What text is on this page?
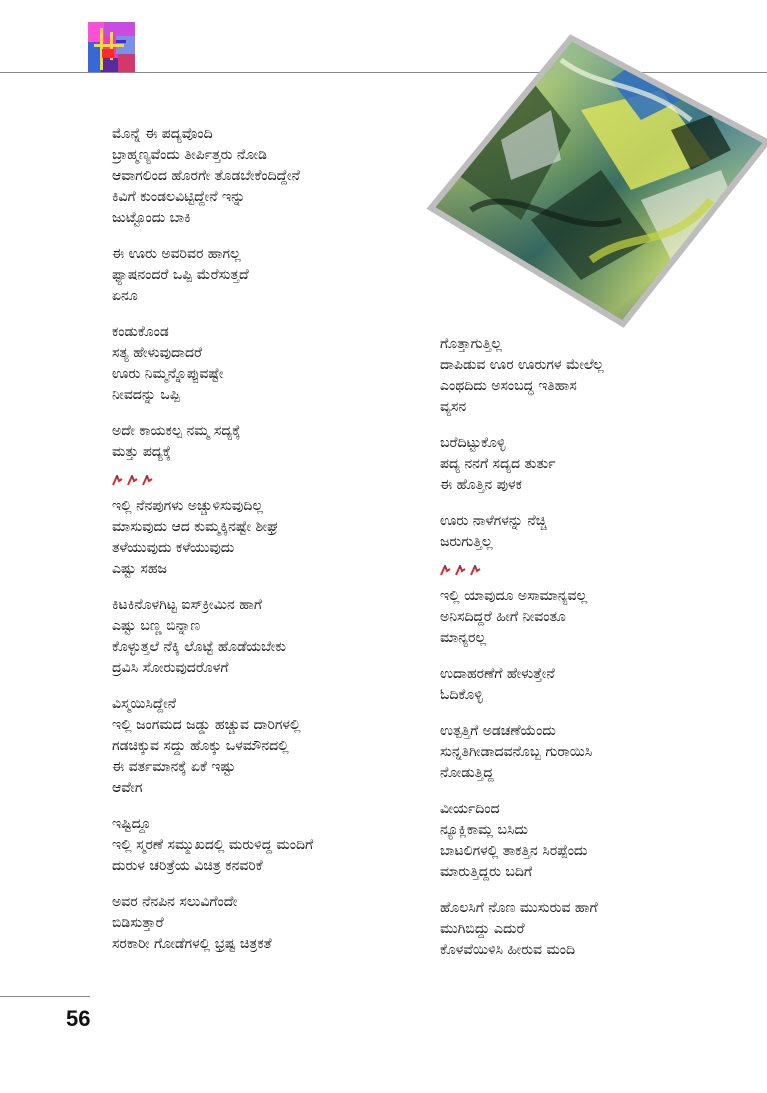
ಮೊನ್ನೆ ಈ ಪದ್ಯವೊಂದಿ
ಬ್ರಾಹ್ಮಣ್ಯವೆಂದು ತೀರ್ಪಿತ್ತರು ನೋಡಿ
ಆವಾಗಲಿಂದ ಹೊರಗೇ ತೊಡಬೇಕೆಂದಿದ್ದೇನೆ
ಕಿವಿಗೆ ಕುಂಡಲವಿಟ್ಟಿದ್ದೇನೆ ಇನ್ನು
ಜುಟ್ಟೊಂದು ಬಾಕಿ
ಈ ಊರು ಅವರಿವರ ಹಾಗಲ್ಲ
ಫ್ಯಾಷನಂದರೆ ಒಪ್ಪಿ ಮೆರೆಸುತ್ತದೆ
ಏನೂ
ಕಂಡುಕೊಂಡ
ಸತ್ಯ ಹೇಳುವುದಾದರೆ
ಊರು ನಿಮ್ಮನ್ನೊಪ್ಪುವಷ್ಟೇ
ನೀವದನ್ನು ಒಪ್ಪಿ
ಅದೇ ಕಾಯಕಲ್ಪ ನಮ್ಮ ಸದ್ಯಕ್ಕೆ
ಮತ್ತು ಪದ್ಯಕ್ಕೆ
ಇಲ್ಲಿ ನೆನಪುಗಳು ಅಚ್ಚುಳಿಸುವುದಿಲ್ಲ
ಮಾಸುವುದು ಆದ ಕುಮ್ಮಕ್ಕಿನಷ್ಟೇ ಶೀಘ್ರ
ತಳೆಯುವುದು ಕಳೆಯುವುದು
ಎಷ್ಟು ಸಹಜ
ಕಿಟಕಿನೊಳಗಿಟ್ಟ ಐಸ್‌ಕ್ರೀಮಿನ ಹಾಗೆ
ಎಷ್ಟು ಬಣ್ಣ ಬಿನ್ನಾಣ
ಕೊಳ್ಳುತ್ತಲೆ ನೆಕ್ಕಿ ಲೊಟ್ಟೆ ಹೊಡೆಯಬೇಕು
ದ್ರವಿಸಿ ಸೋರುವುದರೊಳಗೆ
ವಿಸ್ಮಯಿಸಿದ್ದೇನೆ
ಇಲ್ಲಿ ಜಂಗಮದ ಜಡ್ಡು ಹಚ್ಚುವ ದಾರಿಗಳಲ್ಲಿ
ಗಡಚಿಕ್ಕುವ ಸದ್ದು ಹೊಕ್ಕು ಒಳಮೌನದಲ್ಲಿ
ಈ ವರ್ತಮಾನಕ್ಕೆ ಏಕೆ ಇಷ್ಟು
ಆವೇಗ
ಇಷ್ಟಿದ್ದೂ
ಇಲ್ಲಿ ಸ್ಮರಣೆ ಸಮ್ಮುಖದಲ್ಲಿ ಮರುಳಿದ್ದ ಮಂದಿಗೆ
ದುರುಳ ಚರಿತ್ರೆಯ ವಿಚಿತ್ರ ಕನವರಿಕೆ
ಅವರ ನೆನಪಿನ ಸಲುವಿಗೆಂದೇ
ಬಿಡಿಸುತ್ತಾರೆ
ಸರಕಾರೀ ಗೋಡೆಗಳಲ್ಲಿ ಭ್ರಷ್ಟ ಚಿತ್ರಕತೆ
ಗೊತ್ತಾಗುತ್ತಿಲ್ಲ
ದಾಪಿಡುವ ಊರ ಊರುಗಳ ಮೇಲೆಲ್ಲ
ಎಂಥದಿದು ಅಸಂಬದ್ಧ ಇತಿಹಾಸ
ವ್ಯಸನ
ಬರೆದಿಟ್ಟುಕೊಳ್ಳಿ
ಪದ್ಯ ನನಗೆ ಸದ್ಯದ ತುರ್ತು
ಈ ಹೊತ್ತಿನ ಪುಳಕ
ಊರು ನಾಳೆಗಳನ್ನು ನೆಚ್ಚಿ
ಜರುಗುತ್ತಿಲ್ಲ
ಇಲ್ಲಿ ಯಾವುದೂ ಅಸಾಮಾನ್ಯವಲ್ಲ
ಅನಿಸದಿದ್ದರೆ ಹೀಗೆ ನೀವಂತೂ
ಮಾನ್ಯರಲ್ಲ
ಉದಾಹರಣೆಗೆ ಹೇಳುತ್ತೇನೆ
ಓದಿಕೊಳ್ಳಿ
ಉತ್ಪತ್ತಿಗೆ ಅಡಚಣೆಯೆಂದು
ಸುನ್ನತಿಗೀಡಾದವನೊಬ್ಬ ಗುರಾಯಿಸಿ
ನೋಡುತ್ತಿದ್ದ
ವೀರ್ಯದಿಂದ
ನ್ಯೂಕ್ಲಿಕಾಮ್ಲ ಬಸಿದು
ಬಾಟಲಿಗಳಲ್ಲಿ ತಾಕತ್ತಿನ ಸಿರಪ್ಪೆಂದು
ಮಾರುತ್ತಿದ್ದರು ಬದಿಗೆ
ಹೊಲಸಿಗೆ ನೊಣ ಮುಸುರುವ ಹಾಗೆ
ಮುಗಿಬಿದ್ದು ಎದುರೆ
ಕೊಳವೆಯಿಳಿಸಿ ಹೀರುವ ಮಂದಿ
56
